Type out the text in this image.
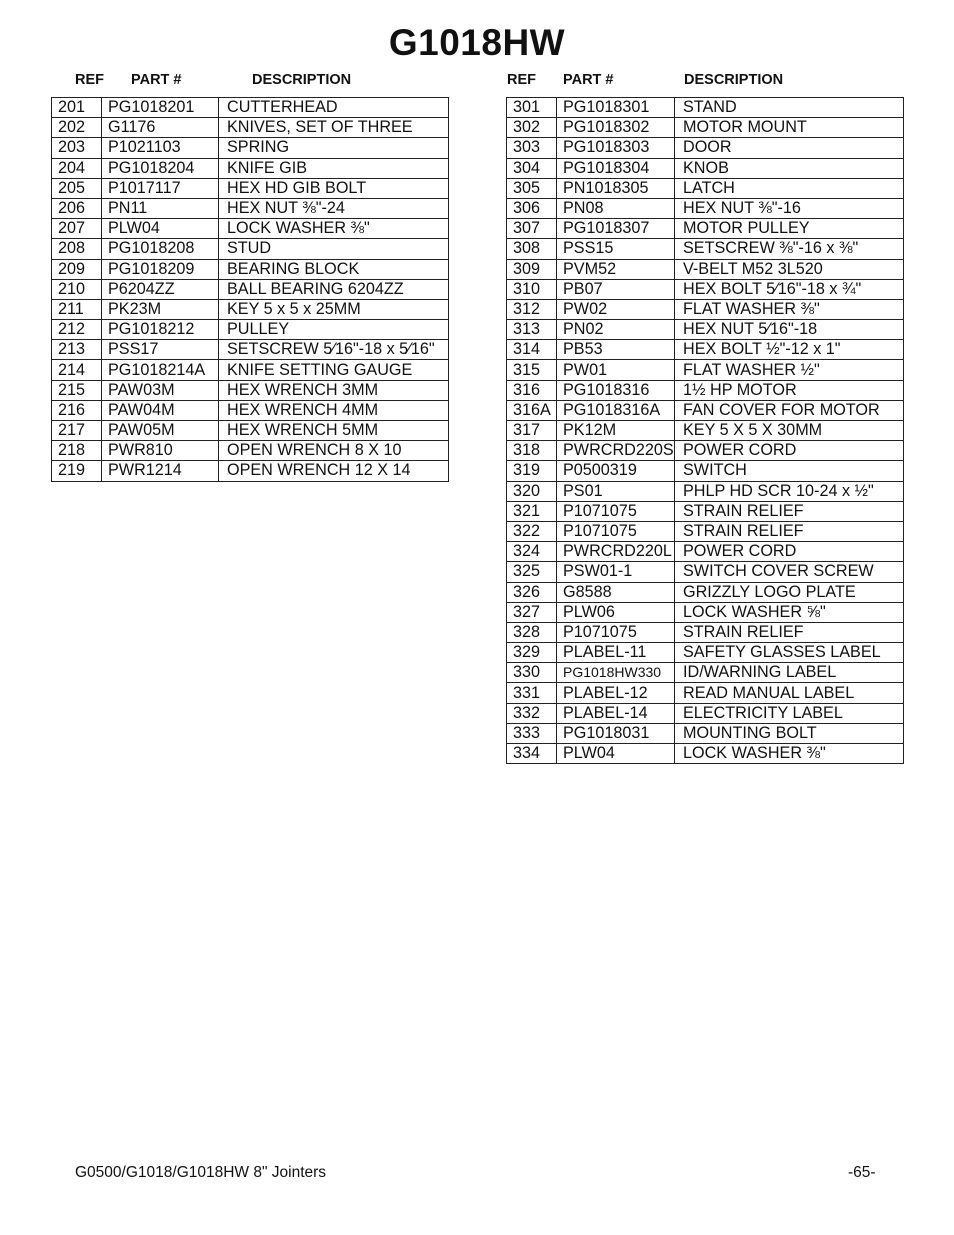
G1018HW
REF PART #	DESCRIPTION	REF PART #	DESCRIPTION
201	PG1018201	CUTTERHEAD
202	G1176	KNIVES, SET OF THREE
203	P1021103	SPRING
204	PG1018204	KNIFE GIB
205	P1017117	HEX HD GIB BOLT
206	PN11	HEX NUT ⅜"-24
207	PLW04	LOCK WASHER ⅜"
208	PG1018208	STUD
209	PG1018209	BEARING BLOCK
210	P6204ZZ	BALL BEARING 6204ZZ
211	PK23M	KEY 5 x 5 x 25MM
212	PG1018212	PULLEY
213	PSS17	SETSCREW 5⁄16"-18 x 5⁄16"
214	PG1018214A	KNIFE SETTING GAUGE
215	PAW03M	HEX WRENCH 3MM
216	PAW04M	HEX WRENCH 4MM
217	PAW05M	HEX WRENCH 5MM
218	PWR810	OPEN WRENCH 8 X 10
219	PWR1214	OPEN WRENCH 12 X 14
301	PG1018301	STAND
302	PG1018302	MOTOR MOUNT
303	PG1018303	DOOR
304	PG1018304	KNOB
305	PN1018305	LATCH
306	PN08	HEX NUT ⅜"-16
307	PG1018307	MOTOR PULLEY
308	PSS15	SETSCREW ⅜"-16 x ⅜"
309	PVM52	V-BELT M52 3L520
310	PB07	HEX BOLT 5⁄16"-18 x ¾"
312	PW02	FLAT WASHER ⅜"
313	PN02	HEX NUT 5⁄16"-18
314	PB53	HEX BOLT ½"-12 x 1"
315	PW01	FLAT WASHER ½"
316	PG1018316	1½ HP MOTOR
316A	PG1018316A	FAN COVER FOR MOTOR
317	PK12M	KEY 5 X 5 X 30MM
318	PWRCRD220S	POWER CORD
319	P0500319	SWITCH
320	PS01	PHLP HD SCR 10-24 x ½"
321	P1071075	STRAIN RELIEF
322	P1071075	STRAIN RELIEF
324	PWRCRD220L	POWER CORD
325	PSW01-1	SWITCH COVER SCREW
326	G8588	GRIZZLY LOGO PLATE
327	PLW06	LOCK WASHER ⅝"
328	P1071075	STRAIN RELIEF
329	PLABEL-11	SAFETY GLASSES LABEL
330	PG1018HW330	ID/WARNING LABEL
331	PLABEL-12	READ MANUAL LABEL
332	PLABEL-14	ELECTRICITY LABEL
333	PG1018031	MOUNTING BOLT
334	PLW04	LOCK WASHER ⅜"
G0500/G1018/G1018HW 8" Jointers	-65-
